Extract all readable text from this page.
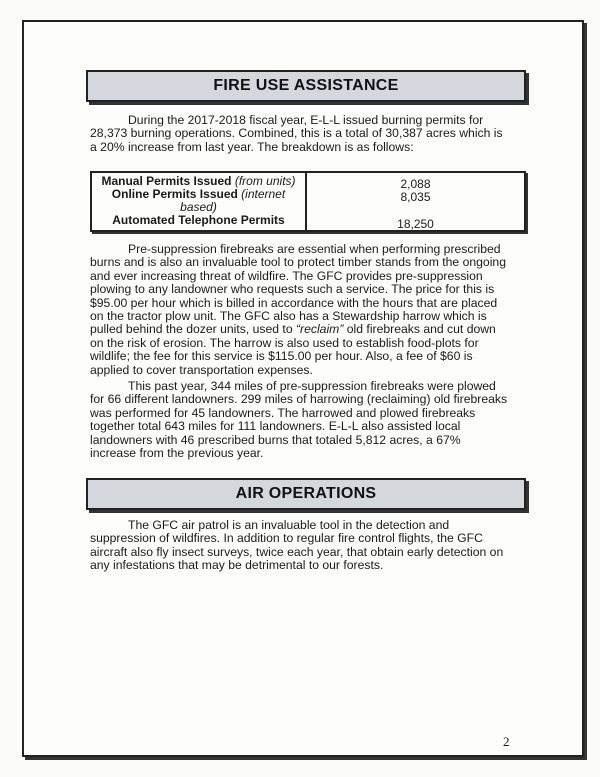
FIRE USE ASSISTANCE

During the 2017-2018 fiscal year, E-L-L issued burning permits for 28,373 burning operations. Combined, this is a total of 30,387 acres which is a 20% increase from last year. The breakdown is as follows:

Manual Permits Issued (from units)
Online Permits Issued (internet based)
Automated Telephone Permits
2,088
8,035
18,250

Pre-suppression firebreaks are essential when performing prescribed burns and is also an invaluable tool to protect timber stands from the ongoing and ever increasing threat of wildfire. The GFC provides pre-suppression plowing to any landowner who requests such a service. The price for this is $95.00 per hour which is billed in accordance with the hours that are placed on the tractor plow unit. The GFC also has a Stewardship harrow which is pulled behind the dozer units, used to “reclaim” old firebreaks and cut down on the risk of erosion. The harrow is also used to establish food-plots for wildlife; the fee for this service is $115.00 per hour. Also, a fee of $60 is applied to cover transportation expenses.

This past year, 344 miles of pre-suppression firebreaks were plowed for 66 different landowners. 299 miles of harrowing (reclaiming) old firebreaks was performed for 45 landowners. The harrowed and plowed firebreaks together total 643 miles for 111 landowners. E-L-L also assisted local landowners with 46 prescribed burns that totaled 5,812 acres, a 67% increase from the previous year.

AIR OPERATIONS

The GFC air patrol is an invaluable tool in the detection and suppression of wildfires. In addition to regular fire control flights, the GFC aircraft also fly insect surveys, twice each year, that obtain early detection on any infestations that may be detrimental to our forests.

2
